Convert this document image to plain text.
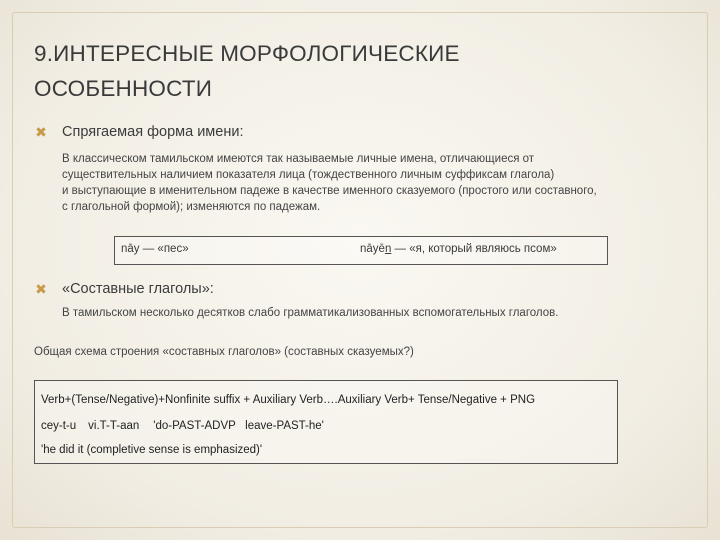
9.ИНТЕРЕСНЫЕ МОРФОЛОГИЧЕСКИЕ
ОСОБЕННОСТИ
✖ Спрягаемая форма имени:
В классическом тамильском имеются так называемые личные имена, отличающиеся от
существительных наличием показателя лица (тождественного личным суффиксам глагола)
и выступающие в именительном падеже в качестве именного сказуемого (простого или составного,
с глагольной формой); изменяются по падежам.
nāy — «пес»	nāyēn — «я, который являюсь псом»
✖ «Составные глаголы»:
В тамильском несколько десятков слабо грамматикализованных вспомогательных глаголов.
Общая схема строения «составных глаголов» (составных сказуемых?)
Verb+(Tense/Negative)+Nonfinite suffix + Auxiliary Verb….Auxiliary Verb+ Tense/Negative + PNG
cey-t-u vi.T-T-aan 'do-PAST-ADVP   leave-PAST-he'
'he did it (completive sense is emphasized)'
